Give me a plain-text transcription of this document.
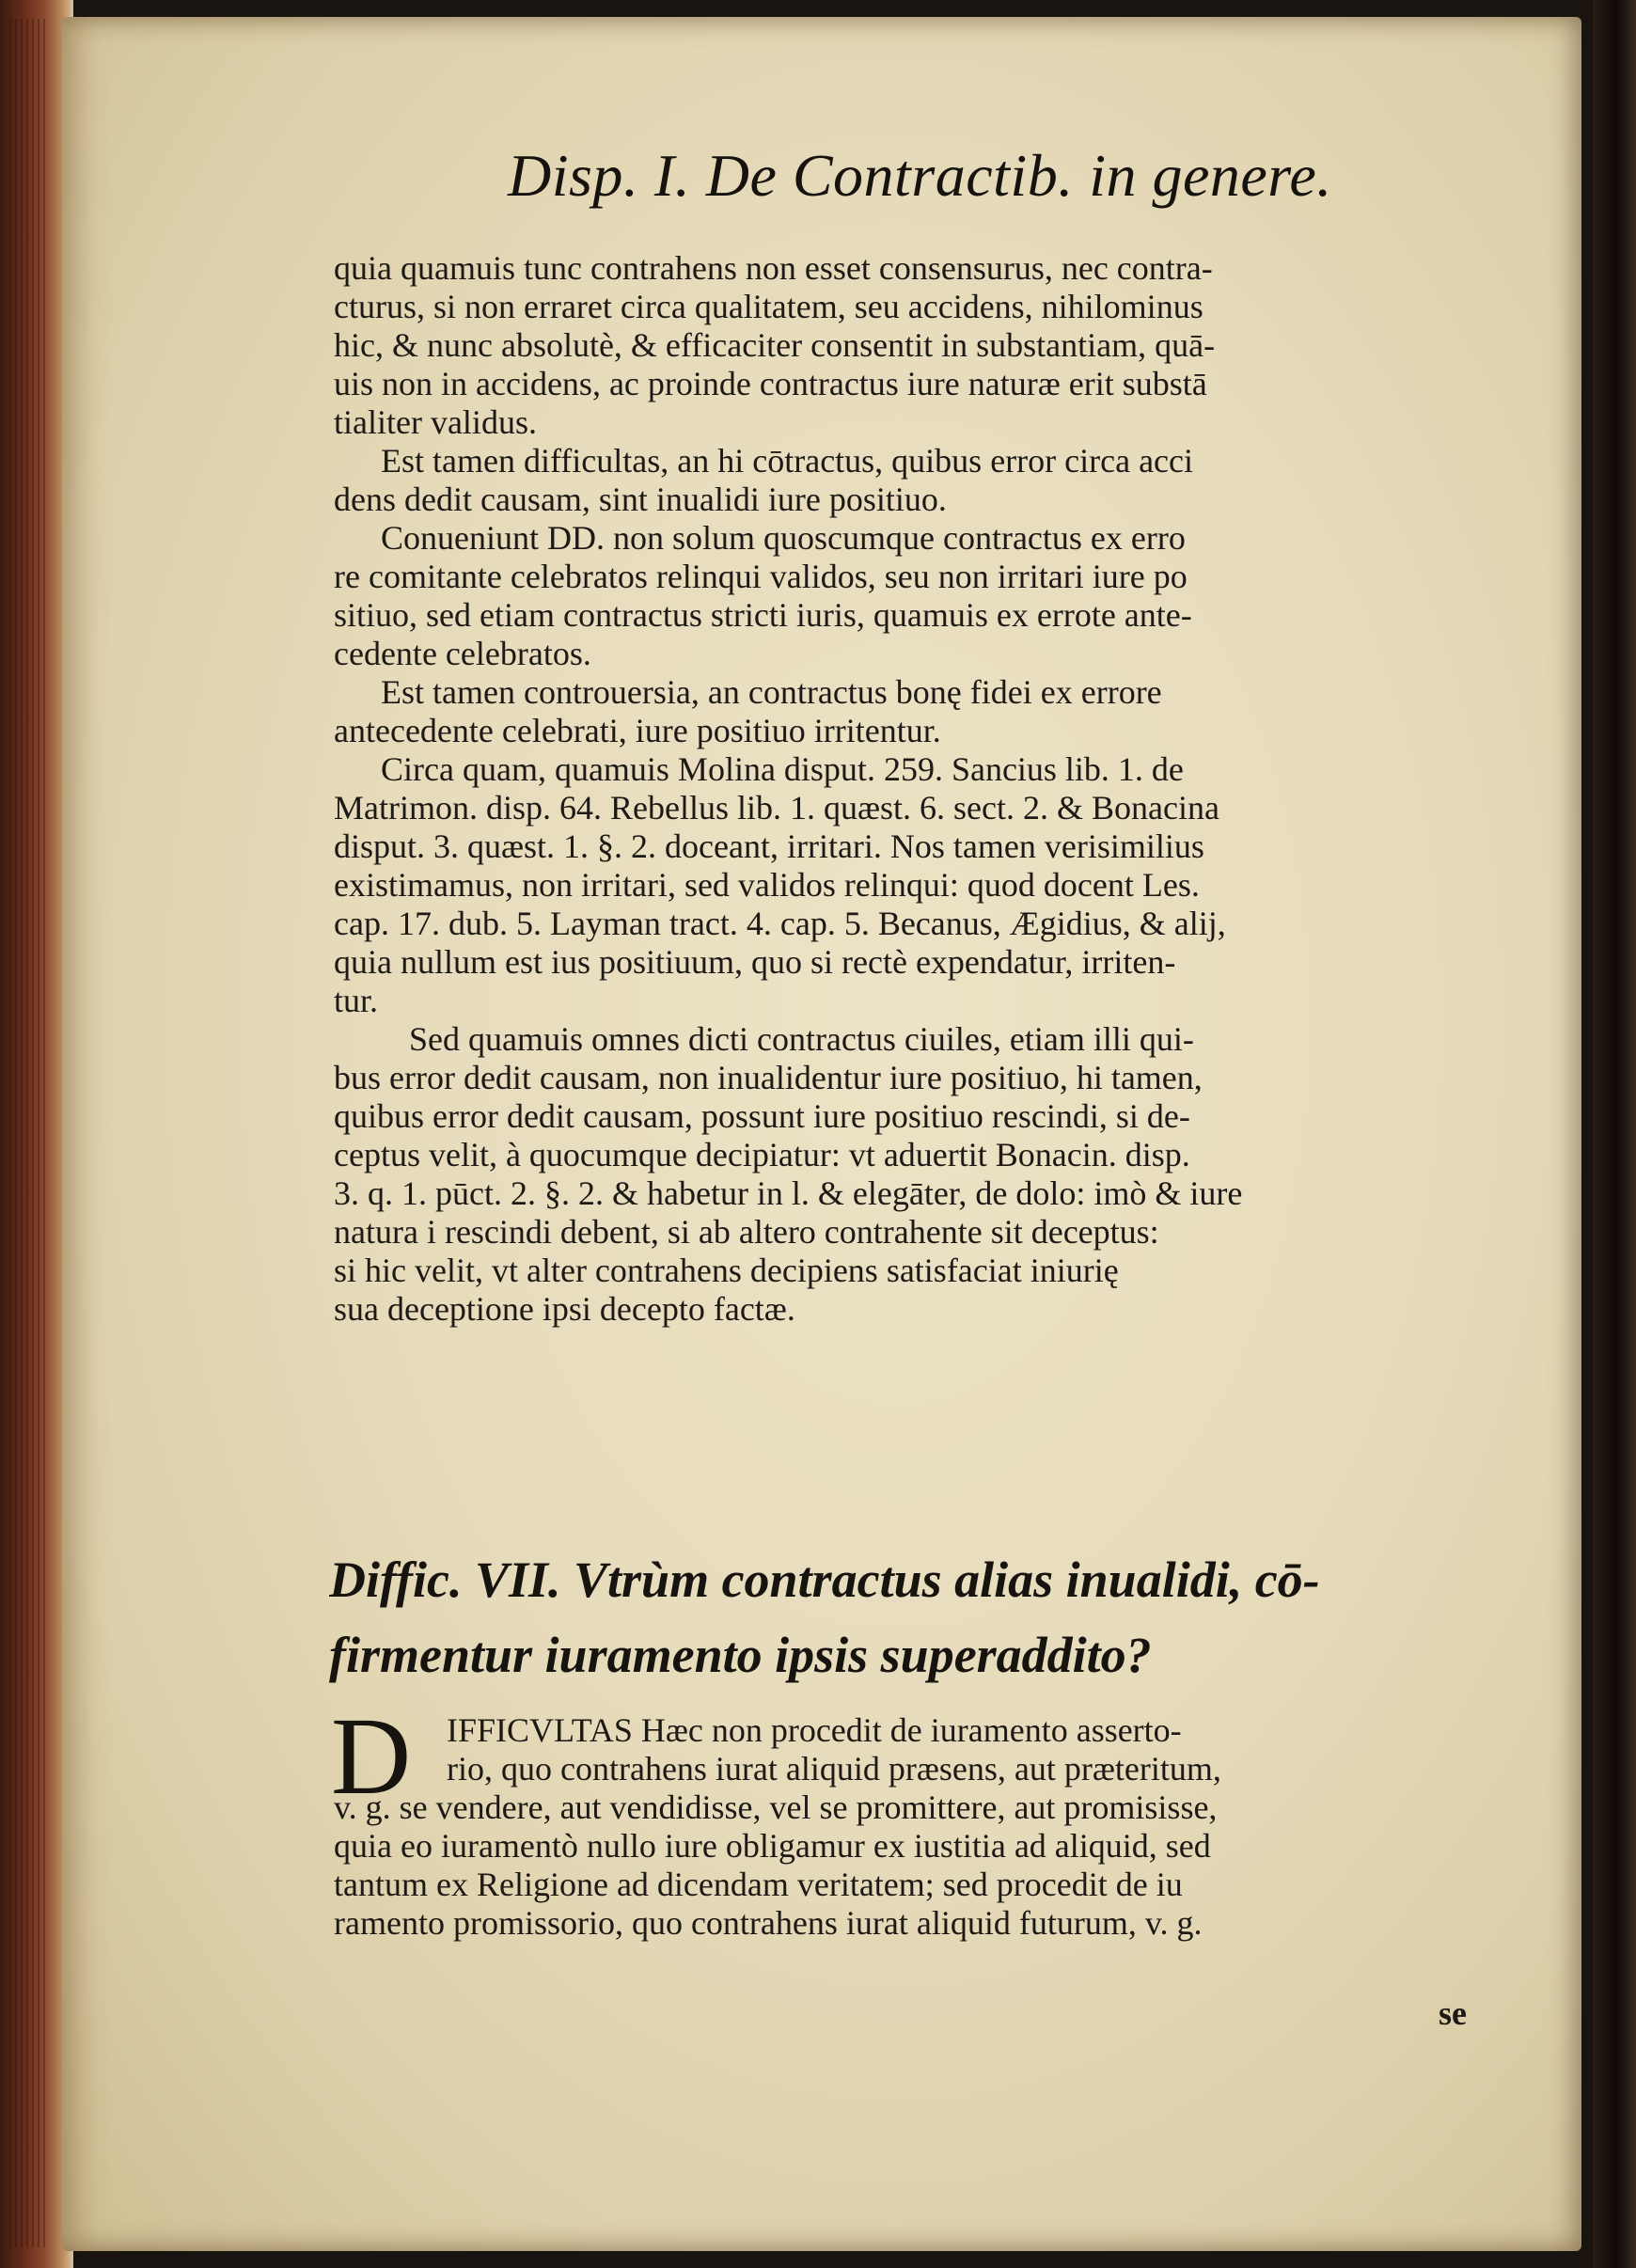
Disp. I. De Contractib. in genere.
quia quamuis tunc contrahens non esset consensurus, nec contra-
cturus, si non erraret circa qualitatem, seu accidens, nihilominus
hic, & nunc absolutè, & efficaciter consentit in substantiam, quā-
uis non in accidens, ac proinde contractus iure naturæ erit substā
tialiter validus.
Est tamen difficultas, an hi cōtractus, quibus error circa acci
dens dedit causam, sint inualidi iure positiuo.
Conueniunt DD. non solum quoscumque contractus ex erro
re comitante celebratos relinqui validos, seu non irritari iure po
sitiuo, sed etiam contractus stricti iuris, quamuis ex errote ante-
cedente celebratos.
Est tamen controuersia, an contractus bonę fidei ex errore
antecedente celebrati, iure positiuo irritentur.
Circa quam, quamuis Molina disput. 259. Sancius lib. 1. de
Matrimon. disp. 64. Rebellus lib. 1. quæst. 6. sect. 2. & Bonacina
disput. 3. quæst. 1. §. 2. doceant, irritari. Nos tamen verisimilius
existimamus, non irritari, sed validos relinqui: quod docent Les.
cap. 17. dub. 5. Layman tract. 4. cap. 5. Becanus, Ægidius, & alij,
quia nullum est ius positiuum, quo si rectè expendatur, irriten-
tur.
Sed quamuis omnes dicti contractus ciuiles, etiam illi qui-
bus error dedit causam, non inualidentur iure positiuo, hi tamen,
quibus error dedit causam, possunt iure positiuo rescindi, si de-
ceptus velit, à quocumque decipiatur: vt aduertit Bonacin. disp.
3. q. 1. pūct. 2. §. 2. & habetur in l. & elegāter, de dolo: imò & iure
natura i rescindi debent, si ab altero contrahente sit deceptus:
si hic velit, vt alter contrahens decipiens satisfaciat iniurię
sua deceptione ipsi decepto factæ.
Diffic. VII. Vtrùm contractus alias inualidi, cō-
firmentur iuramento ipsis superaddito?
D	IFFICVLTAS Hæc non procedit de iuramento asserto-
rio, quo contrahens iurat aliquid præsens, aut præteritum,
v. g. se vendere, aut vendidisse, vel se promittere, aut promisisse,
quia eo iuramentò nullo iure obligamur ex iustitia ad aliquid, sed
tantum ex Religione ad dicendam veritatem; sed procedit de iu
ramento promissorio, quo contrahens iurat aliquid futurum, v. g.
se
